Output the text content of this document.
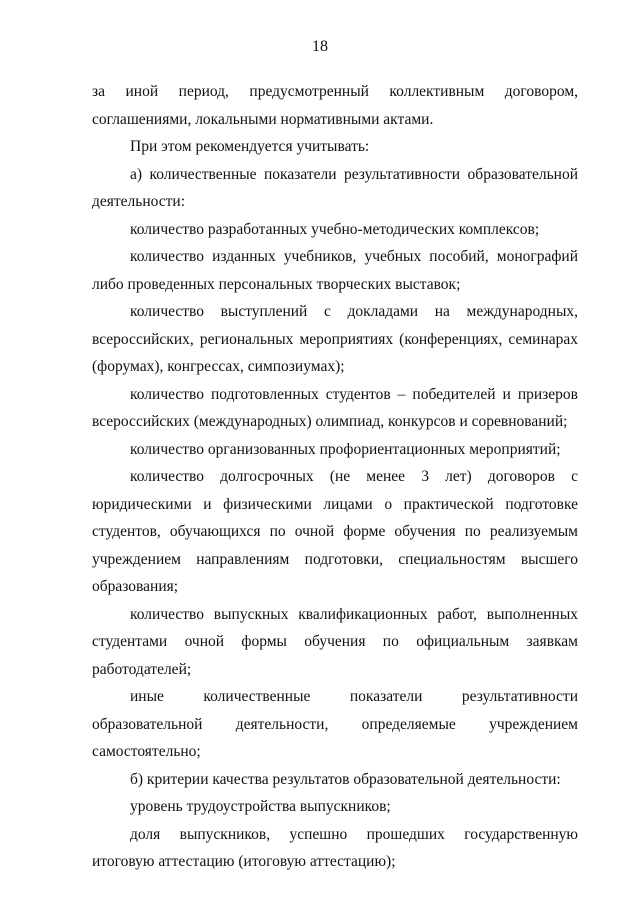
18

за иной период, предусмотренный коллективным договором, соглашениями, локальными нормативными актами.

При этом рекомендуется учитывать:

а) количественные показатели результативности образовательной деятельности:

количество разработанных учебно-методических комплексов;

количество изданных учебников, учебных пособий, монографий либо проведенных персональных творческих выставок;

количество выступлений с докладами на международных, всероссийских, региональных мероприятиях (конференциях, семинарах (форумах), конгрессах, симпозиумах);

количество подготовленных студентов – победителей и призеров всероссийских (международных) олимпиад, конкурсов и соревнований;

количество организованных профориентационных мероприятий;

количество долгосрочных (не менее 3 лет) договоров с юридическими и физическими лицами о практической подготовке студентов, обучающихся по очной форме обучения по реализуемым учреждением направлениям подготовки, специальностям высшего образования;

количество выпускных квалификационных работ, выполненных студентами очной формы обучения по официальным заявкам работодателей;

иные количественные показатели результативности образовательной деятельности, определяемые учреждением самостоятельно;

б) критерии качества результатов образовательной деятельности:

уровень трудоустройства выпускников;

доля выпускников, успешно прошедших государственную итоговую аттестацию (итоговую аттестацию);
